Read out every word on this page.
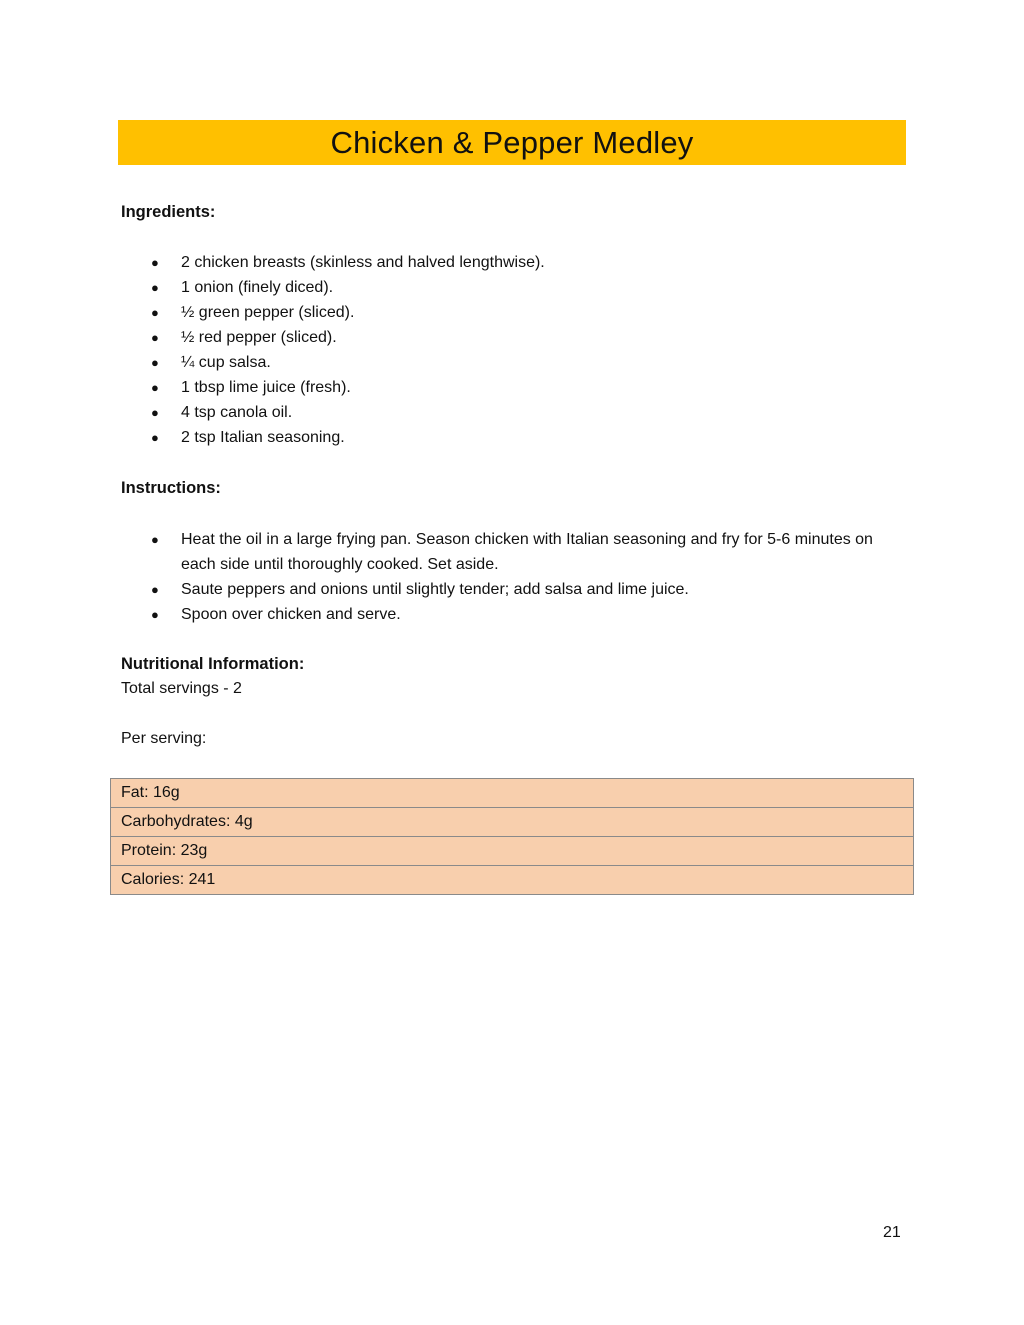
Chicken & Pepper Medley

Ingredients:

● 2 chicken breasts (skinless and halved lengthwise).
● 1 onion (finely diced).
● ½ green pepper (sliced).
● ½ red pepper (sliced).
● ¼ cup salsa.
● 1 tbsp lime juice (fresh).
● 4 tsp canola oil.
● 2 tsp Italian seasoning.

Instructions:

● Heat the oil in a large frying pan. Season chicken with Italian seasoning and fry for 5-6 minutes on each side until thoroughly cooked. Set aside.
● Saute peppers and onions until slightly tender; add salsa and lime juice.
● Spoon over chicken and serve.

Nutritional Information:

Total servings - 2

Per serving:

Fat: 16g
Carbohydrates: 4g
Protein: 23g
Calories: 241

21
